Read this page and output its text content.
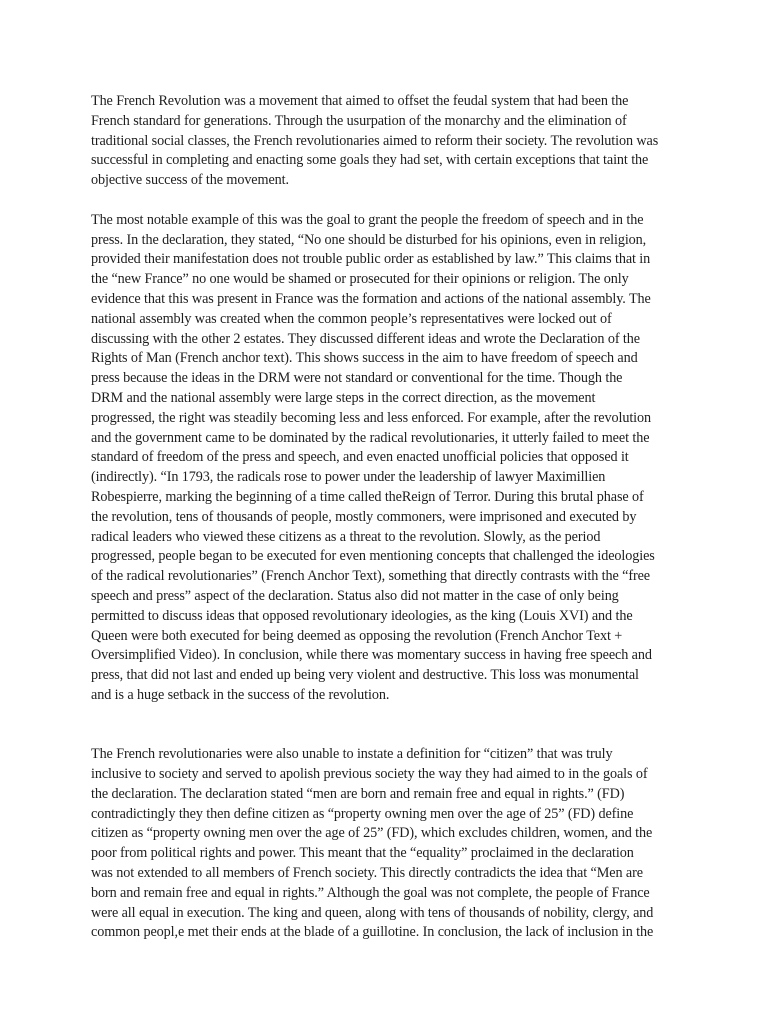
The French Revolution was a movement that aimed to offset the feudal system that had been the
French standard for generations. Through the usurpation of the monarchy and the elimination of
traditional social classes, the French revolutionaries aimed to reform their society. The revolution was
successful in completing and enacting some goals they had set, with certain exceptions that taint the
objective success of the movement.

The most notable example of this was the goal to grant the people the freedom of speech and in the
press. In the declaration, they stated, “No one should be disturbed for his opinions, even in religion,
provided their manifestation does not trouble public order as established by law.” This claims that in
the “new France” no one would be shamed or prosecuted for their opinions or religion. The only
evidence that this was present in France was the formation and actions of the national assembly. The
national assembly was created when the common people’s representatives were locked out of
discussing with the other 2 estates. They discussed different ideas and wrote the Declaration of the
Rights of Man (French anchor text). This shows success in the aim to have freedom of speech and
press because the ideas in the DRM were not standard or conventional for the time. Though the
DRM and the national assembly were large steps in the correct direction, as the movement
progressed, the right was steadily becoming less and less enforced. For example, after the revolution
and the government came to be dominated by the radical revolutionaries, it utterly failed to meet the
standard of freedom of the press and speech, and even enacted unofficial policies that opposed it
(indirectly). “In 1793, the radicals rose to power under the leadership of lawyer Maximillien
Robespierre, marking the beginning of a time called theReign of Terror. During this brutal phase of
the revolution, tens of thousands of people, mostly commoners, were imprisoned and executed by
radical leaders who viewed these citizens as a threat to the revolution. Slowly, as the period
progressed, people began to be executed for even mentioning concepts that challenged the ideologies
of the radical revolutionaries” (French Anchor Text), something that directly contrasts with the “free
speech and press” aspect of the declaration. Status also did not matter in the case of only being
permitted to discuss ideas that opposed revolutionary ideologies, as the king (Louis XVI) and the
Queen were both executed for being deemed as opposing the revolution (French Anchor Text +
Oversimplified Video). In conclusion, while there was momentary success in having free speech and
press, that did not last and ended up being very violent and destructive. This loss was monumental
and is a huge setback in the success of the revolution.

The French revolutionaries were also unable to instate a definition for “citizen” that was truly
inclusive to society and served to apolish previous society the way they had aimed to in the goals of
the declaration. The declaration stated “men are born and remain free and equal in rights.” (FD)
contradictingly they then define citizen as “property owning men over the age of 25” (FD) define
citizen as “property owning men over the age of 25” (FD), which excludes children, women, and the
poor from political rights and power. This meant that the “equality” proclaimed in the declaration
was not extended to all members of French society. This directly contradicts the idea that “Men are
born and remain free and equal in rights.” Although the goal was not complete, the people of France
were all equal in execution. The king and queen, along with tens of thousands of nobility, clergy, and
common peopl,e met their ends at the blade of a guillotine. In conclusion, the lack of inclusion in the
